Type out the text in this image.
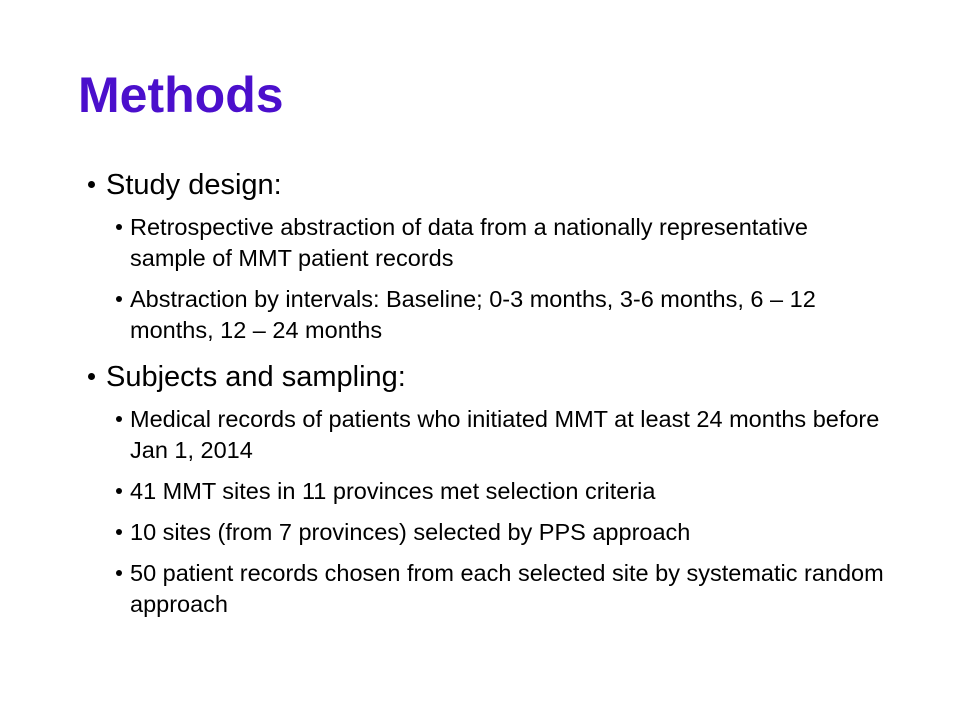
Methods
Study design:
Retrospective abstraction of data from a nationally representative sample of MMT patient records
Abstraction by intervals: Baseline; 0-3 months, 3-6 months, 6 – 12 months, 12 – 24 months
Subjects and sampling:
Medical records of patients who initiated MMT at least 24 months before Jan 1, 2014
41 MMT sites in 11 provinces met selection criteria
10 sites (from 7 provinces) selected by PPS approach
50 patient records chosen from each selected site by systematic random approach
